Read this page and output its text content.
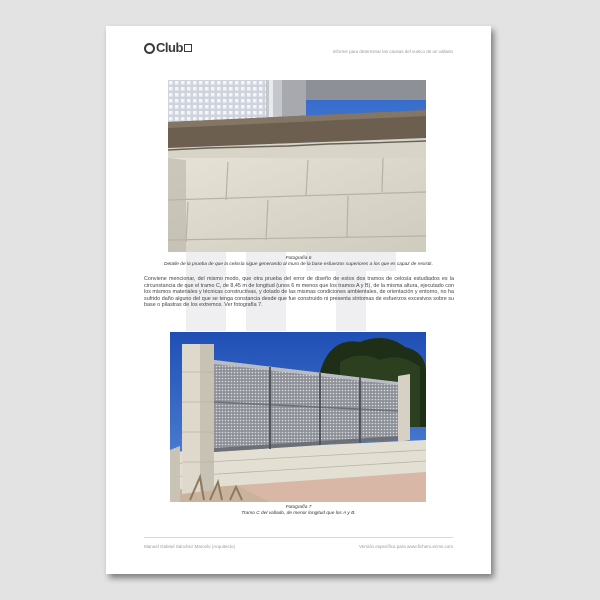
Club	Informe para determinar las causas del vuelco de un vallado
Fotografía 6
Detalle de la prueba de que la celosía sigue generando al muro de la base esfuerzos superiores a los que es capaz de resistir.

Conviene mencionar, del mismo modo, que otra prueba del error de diseño de estos dos tramos de celosía estudiados es la circunstancia de que el tramo C, de 8,45 m de longitud (unos 6 m menos que los tramos A y B), de la misma altura, ejecutado con los mismos materiales y técnicas constructivas, y dotado de las mismas condiciones ambientales, de orientación y entorno, no ha sufrido daño alguno del que se tenga constancia desde que fue construido ni presenta síntomas de esfuerzos excesivos sobre su base o pilastras de los extremos. Ver fotografía 7.

Fotografía 7
Tramo C del vallado, de menor longitud que los A y B.
Manuel Gabriel Sánchez Marcelo (Arquitecto)	Versión específica para www.fichero.ecms.com
